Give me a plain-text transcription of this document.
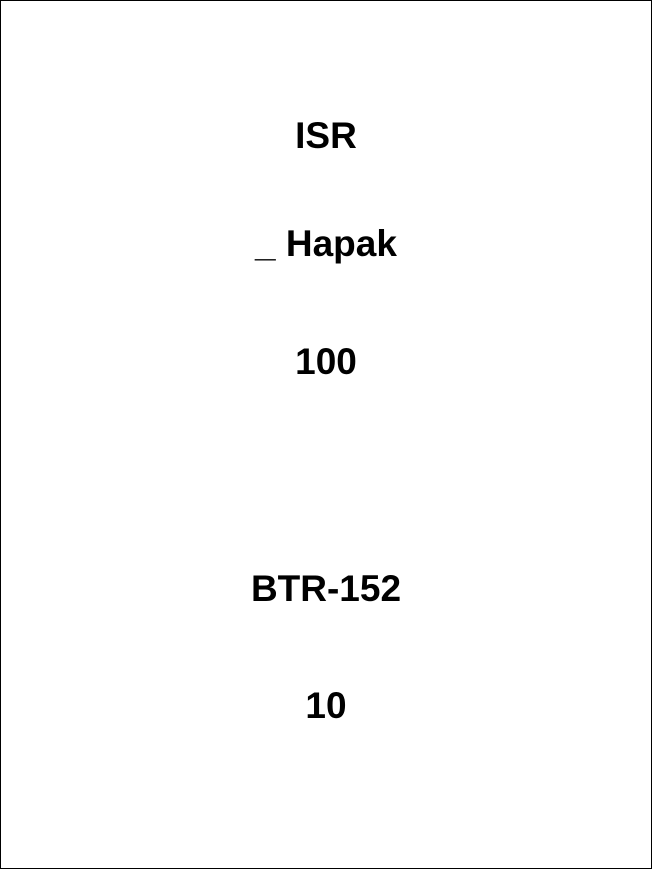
ISR
_ Hapak
100
BTR-152
10
